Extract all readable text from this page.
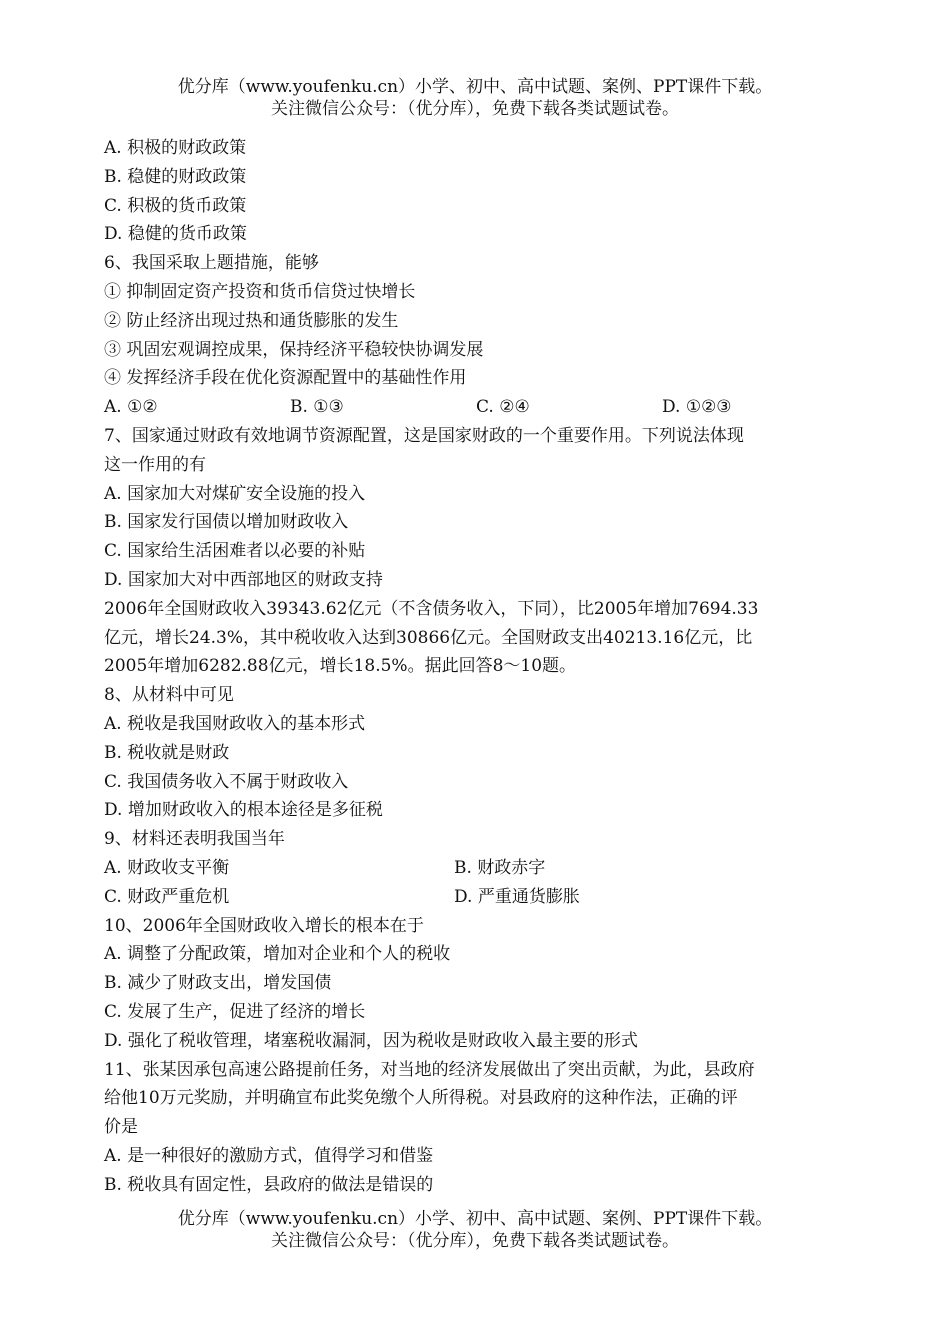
优分库（www.youfenku.cn）小学、初中、高中试题、案例、PPT课件下载。
关注微信公众号：（优分库），免费下载各类试题试卷。
A. 积极的财政政策
B. 稳健的财政政策
C. 积极的货币政策
D. 稳健的货币政策
6、我国采取上题措施，能够
① 抑制固定资产投资和货币信贷过快增长
② 防止经济出现过热和通货膨胀的发生
③ 巩固宏观调控成果，保持经济平稳较快协调发展
④ 发挥经济手段在优化资源配置中的基础性作用
A. ①②	B. ①③	C. ②④	D. ①②③
7、国家通过财政有效地调节资源配置，这是国家财政的一个重要作用。下列说法体现
这一作用的有
A. 国家加大对煤矿安全设施的投入
B. 国家发行国债以增加财政收入
C. 国家给生活困难者以必要的补贴
D. 国家加大对中西部地区的财政支持
2006年全国财政收入39343.62亿元（不含债务收入，下同），比2005年增加7694.33
亿元，增长24.3%，其中税收收入达到30866亿元。全国财政支出40213.16亿元，比
2005年增加6282.88亿元，增长18.5%。据此回答8～10题。
8、从材料中可见
A. 税收是我国财政收入的基本形式
B. 税收就是财政
C. 我国债务收入不属于财政收入
D. 增加财政收入的根本途径是多征税
9、材料还表明我国当年
A. 财政收支平衡	B. 财政赤字
C. 财政严重危机	D. 严重通货膨胀
10、2006年全国财政收入增长的根本在于
A. 调整了分配政策，增加对企业和个人的税收
B. 减少了财政支出，增发国债
C. 发展了生产，促进了经济的增长
D. 强化了税收管理，堵塞税收漏洞，因为税收是财政收入最主要的形式
11、张某因承包高速公路提前任务，对当地的经济发展做出了突出贡献，为此，县政府
给他10万元奖励，并明确宣布此奖免缴个人所得税。对县政府的这种作法，正确的评
价是
A. 是一种很好的激励方式，值得学习和借鉴
B. 税收具有固定性，县政府的做法是错误的
优分库（www.youfenku.cn）小学、初中、高中试题、案例、PPT课件下载。
关注微信公众号：（优分库），免费下载各类试题试卷。
